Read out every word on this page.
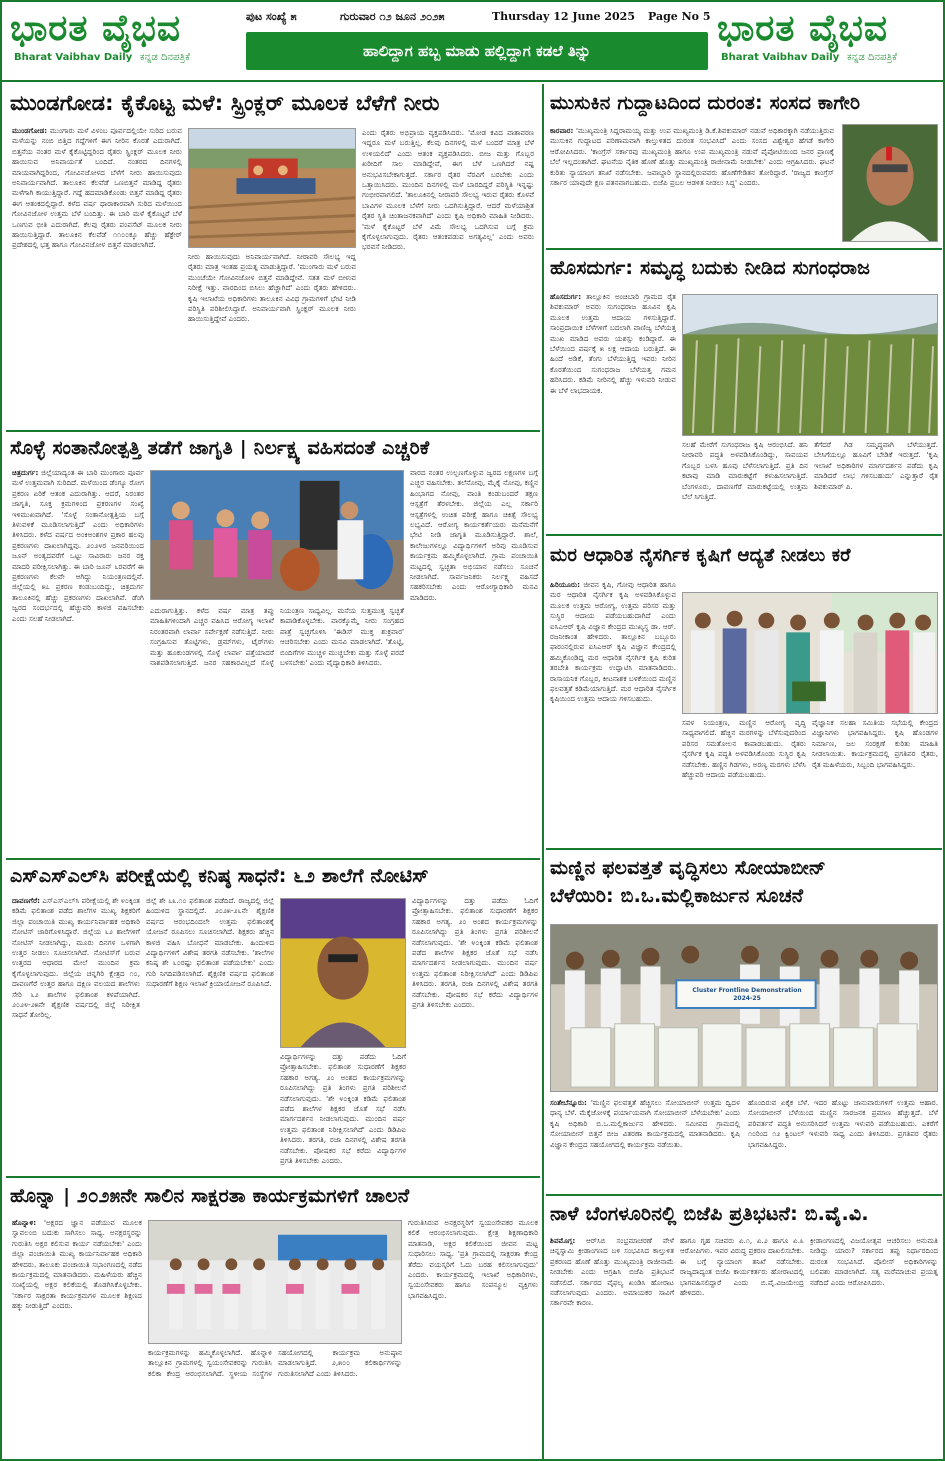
ಭಾರತ ವೈಭವ
Bharat Vaibhav Daily ಕನ್ನಡ ದಿನಪತ್ರಿಕೆ
ಪುಟ ಸಂಖ್ಯೆ ೫	ಗುರುವಾರ ೧೨ ಜೂನ ೨೦೨೫	Thursday 12 June 2025 Page No 5
ಹಾಲಿದ್ದಾಗ ಹಬ್ಬ ಮಾಡು ಹಲ್ಲಿದ್ದಾಗ ಕಡಲೆ ತಿನ್ನು
ಭಾರತ ವೈಭವ
Bharat Vaibhav Daily ಕನ್ನಡ ದಿನಪತ್ರಿಕೆ
ಮುಂಡಗೋಡ: ಕೈಕೊಟ್ಟ ಮಳೆ: ಸ್ಪ್ರಿಂಕ್ಲರ್ ಮೂಲಕ ಬೆಳೆಗೆ ನೀರು
ಮುಂಡಗೋಡ: ಮುಂಗಾರು ಮಳೆ ವಿಳಂಬ ಪೂರ್ವದಲ್ಲಿಯೇ ಸುರಿದ ಬರುವ ಮಳೆಯನ್ನು ನಂಬಿ ಬಿತ್ತಿದ ಗದ್ದೆಗಳಿಗೆ ಈಗ ನೀರಿನ ಕೊರತೆ ಎದುರಾಗಿದೆ. ಬಿತ್ತನೆಯ ನಂತರ ಮಳೆ ಕೈಕೊಟ್ಟಿದ್ದರಿಂದ ರೈತರು ಸ್ಪ್ರಿಂಕ್ಲರ್ ಮೂಲಕ ನೀರು ಹಾಯಿಸುವ ಅನಿವಾರ್ಯತೆ ಬಂದಿದೆ. ನಂತರದ ದಿನಗಳಲ್ಲಿ ಮಾಯವಾಗಿದ್ದರಿಂದ, ಗೋವಿನಜೋಳದ ಬೆಳೆಗೆ ನೀರು ಹಾಯಿಸುವುದು ಅನಿವಾರ್ಯವಾಗಿದೆ. ತಾಲೂಕಿನ ಕೆಲವೆಡೆ ಒಣಬಿತ್ತನೆ ಮಾಡಿದ್ದ ರೈತರು ಮಳೆಗಾಗಿ ಕಾಯುತ್ತಿದ್ದಾರೆ. ಗದ್ದೆ ಹದಮಾಡಿಕೊಂಡು ಬಿತ್ತನೆ ಮಾಡಿದ್ದ ರೈತರು ಈಗ ಆತಂಕದಲ್ಲಿದ್ದಾರೆ. ಕಳೆದ ವರ್ಷ ಧಾರಾಕಾರವಾಗಿ ಸುರಿದ ಮಳೆಯಿಂದ ಗೋವಿನಜೋಳ ಉತ್ತಮ ಬೆಳೆ ಬಂದಿತ್ತು. ಈ ಬಾರಿ ಮಳೆ ಕೈಕೊಟ್ಟರೆ ಬೆಳೆ ಒಣಗುವ ಭೀತಿ ಎದುರಾಗಿದೆ. ಕೆಲವು ರೈತರು ಪಂಪಸೆಟ್ ಮೂಲಕ ನೀರು ಹಾಯಿಸುತ್ತಿದ್ದಾರೆ. ತಾಲೂಕಿನ ಕೆಲವೆಡೆ ೧೧೦೦ಕ್ಕೂ ಹೆಚ್ಚು ಹೆಕ್ಟೇರ್ ಪ್ರದೇಶದಲ್ಲಿ ಭತ್ತ ಹಾಗೂ ಗೋವಿನಜೋಳ ಬಿತ್ತನೆ ಮಾಡಲಾಗಿದೆ.
ನೀರು ಹಾಯಿಸುವುದು ಅನಿವಾರ್ಯವಾಗಿದೆ. ನೀರಾವರಿ ಸೌಲಭ್ಯ ಇದ್ದ ರೈತರು ಮಾತ್ರ ಇಂತಹ ಪ್ರಯತ್ನ ಮಾಡುತ್ತಿದ್ದಾರೆ. 'ಮುಂಗಾರು ಮಳೆ ಬರುವ ಮುಂಚೆಯೇ ಗೋವಿನಜೋಳ ಬಿತ್ತನೆ ಮಾಡಿದ್ದೇವೆ. ಸತತ ಮಳೆ ಬೀಳುವ ನಿರೀಕ್ಷೆ ಇತ್ತು. ವಾರದಿಂದ ಬಿಸಿಲು ಹೆಚ್ಚಾಗಿದೆ' ಎಂದು ರೈತರು ಹೇಳಿದರು. ಕೃಷಿ ಇಲಾಖೆಯ ಅಧಿಕಾರಿಗಳು ತಾಲೂಕಿನ ವಿವಿಧ ಗ್ರಾಮಗಳಿಗೆ ಭೇಟಿ ನೀಡಿ ಪರಿಸ್ಥಿತಿ ಪರಿಶೀಲಿಸಿದ್ದಾರೆ. ಅನಿವಾರ್ಯವಾಗಿ ಸ್ಪ್ರಿಂಕ್ಲರ್ ಮೂಲಕ ನೀರು ಹಾಯಿಸುತ್ತಿದ್ದೇವೆ ಎಂದರು.
ಎಂದು ರೈತರು ಅಭಿಪ್ರಾಯ ವ್ಯಕ್ತಪಡಿಸಿದರು. 'ಮೋಡ ಕವಿದ ವಾತಾವರಣ ಇದ್ದರೂ ಮಳೆ ಬರುತ್ತಿಲ್ಲ. ಕೆಲವು ದಿನಗಳಲ್ಲಿ ಮಳೆ ಬಂದರೆ ಮಾತ್ರ ಬೆಳೆ ಉಳಿಯಲಿದೆ' ಎಂದು ಆತಂಕ ವ್ಯಕ್ತಪಡಿಸಿದರು. ಬೀಜ ಮತ್ತು ಗೊಬ್ಬರ ಖರೀದಿಗೆ ಸಾಲ ಮಾಡಿದ್ದೇವೆ, ಈಗ ಬೆಳೆ ಒಣಗಿದರೆ ನಷ್ಟ ಅನುಭವಿಸಬೇಕಾಗುತ್ತದೆ. ಸರ್ಕಾರ ರೈತರ ನೆರವಿಗೆ ಬರಬೇಕು ಎಂದು ಒತ್ತಾಯಿಸಿದರು. ಮುಂದಿನ ದಿನಗಳಲ್ಲಿ ಮಳೆ ಬಾರದಿದ್ದರೆ ಪರಿಸ್ಥಿತಿ ಇನ್ನಷ್ಟು ಗಂಭೀರವಾಗಲಿದೆ. 'ತಾಲೂಕಿನಲ್ಲಿ ನೀರಾವರಿ ಸೌಲಭ್ಯ ಇರುವ ರೈತರು ಕೊಳವೆ ಬಾವಿಗಳ ಮೂಲಕ ಬೆಳೆಗೆ ನೀರು ಒದಗಿಸುತ್ತಿದ್ದಾರೆ. ಆದರೆ ಮಳೆಯಾಶ್ರಿತ ರೈತರ ಸ್ಥಿತಿ ಚಿಂತಾಜನಕವಾಗಿದೆ' ಎಂದು ಕೃಷಿ ಅಧಿಕಾರಿ ಮಾಹಿತಿ ನೀಡಿದರು. 'ಮಳೆ ಕೈಕೊಟ್ಟರೆ ಬೆಳೆ ವಿಮೆ ಸೌಲಭ್ಯ ಒದಗಿಸುವ ಬಗ್ಗೆ ಕ್ರಮ ಕೈಗೊಳ್ಳಲಾಗುವುದು. ರೈತರು ಆತಂಕಪಡುವ ಅಗತ್ಯವಿಲ್ಲ' ಎಂದು ಅವರು ಭರವಸೆ ನೀಡಿದರು.
ಸೊಳ್ಳೆ ಸಂತಾನೋತ್ಪತ್ತಿ ತಡೆಗೆ ಜಾಗೃತಿ | ನಿರ್ಲಕ್ಷ್ಯ ವಹಿಸದಂತೆ ಎಚ್ಚರಿಕೆ
ಚಿತ್ರದುರ್ಗ: ಜಿಲ್ಲೆಯಾದ್ಯಂತ ಈ ಬಾರಿ ಮುಂಗಾರು ಪೂರ್ವ ಮಳೆ ಉತ್ತಮವಾಗಿ ಸುರಿದಿದೆ. ಮಳೆಯಿಂದ ಡೆಂಗ್ಯೂ ರೋಗ ಪ್ರಕರಣ ಏರಿಕೆ ಆತಂಕ ಎದುರಾಗಿತ್ತು. ಆದರೆ, ನಿರಂತರ ಜಾಗೃತಿ, ಸೂಕ್ತ ಕ್ರಮಗಳಿಂದ ಪ್ರಕರಣಗಳ ಸಂಖ್ಯೆ ಇಳಿಮುಖವಾಗಿದೆ. 'ಸೊಳ್ಳೆ ಸಂತಾನೋತ್ಪತ್ತಿಯ ಬಗ್ಗೆ ತಿಳುವಳಿಕೆ ಮೂಡಿಸಲಾಗುತ್ತಿದೆ' ಎಂದು ಅಧಿಕಾರಿಗಳು ತಿಳಿಸಿದರು. ಕಳೆದ ವರ್ಷದ ಅಂಕಿಅಂಶಗಳ ಪ್ರಕಾರ ಹಲವು ಪ್ರಕರಣಗಳು ದಾಖಲಾಗಿದ್ದವು. ೨೦೨೪ರ ಜನವರಿಯಿಂದ ಜೂನ್ ಅಂತ್ಯದವರೆಗೆ ಒಟ್ಟು ಸಾವಿರಾರು ಜನರ ರಕ್ತ ಮಾದರಿ ಪರೀಕ್ಷಿಸಲಾಗಿತ್ತು. ಈ ಬಾರಿ ಜೂನ್ ೬ರವರೆಗೆ ಈ ಪ್ರಕರಣಗಳು ಕೆಲವೇ ಆಗಿದ್ದು ನಿಯಂತ್ರಣದಲ್ಲಿವೆ. ಜಿಲ್ಲೆಯಲ್ಲಿ ೫೭ ಪ್ರಕರಣ ಕಂಡುಬಂದಿದ್ದು, ಚಿತ್ರದುರ್ಗ ತಾಲೂಕಿನಲ್ಲಿ ಹೆಚ್ಚು ಪ್ರಕರಣಗಳು ದಾಖಲಾಗಿವೆ. ಡೆಂಗಿ ಜ್ವರದ ಸಂದರ್ಭದಲ್ಲಿ ಹೆಚ್ಚುವರಿ ಕಾಳಜಿ ವಹಿಸಬೇಕು ಎಂದು ಸಲಹೆ ನೀಡಲಾಗಿದೆ.
ಎದುರಾಗುತ್ತಿತ್ತು. ಕಳೆದ ವರ್ಷ ಮಾತ್ರ ತಪ್ಪು ಮಾಹಿತಿಗಳಿಂದಾಗಿ ಎಚ್ಚರ ವಹಿಸಿದ ಆರೋಗ್ಯ ಇಲಾಖೆ ನಿರಂತರವಾಗಿ ಲಾರ್ವಾ ಸರ್ವೇಕ್ಷಣೆ ನಡೆಸುತ್ತಿದೆ. ನೀರು ಸಂಗ್ರಹಿಸುವ ತೊಟ್ಟಿಗಳು, ಡ್ರಮ್‌ಗಳು, ಟೈರ್‌ಗಳು ಮತ್ತು ಹೂಕುಂಡಗಳಲ್ಲಿ ಸೊಳ್ಳೆ ಲಾರ್ವಾ ಪತ್ತೆಯಾದರೆ ನಾಶಪಡಿಸಲಾಗುತ್ತಿದೆ. ಜನರ ಸಹಕಾರವಿಲ್ಲದೆ ಸೊಳ್ಳೆ ನಿಯಂತ್ರಣ ಸಾಧ್ಯವಿಲ್ಲ. ಮನೆಯ ಸುತ್ತಮುತ್ತ ಸ್ವಚ್ಛತೆ ಕಾಪಾಡಿಕೊಳ್ಳಬೇಕು. ವಾರಕ್ಕೊಮ್ಮೆ ನೀರು ಸಂಗ್ರಹದ ಪಾತ್ರೆ ಸ್ವಚ್ಛಗೊಳಿಸಿ 'ಈಡಿಸ್ ಮುಕ್ತ ಶುಕ್ರವಾರ' ಆಚರಿಸಬೇಕು ಎಂದು ಮನವಿ ಮಾಡಲಾಗಿದೆ. 'ತೊಟ್ಟಿ, ಬಿಂದಿಗೆಗಳ ಮುಚ್ಚಳ ಮುಚ್ಚಬೇಕು ಮತ್ತು ಸೊಳ್ಳೆ ಪರದೆ ಬಳಸಬೇಕು' ಎಂದು ವೈದ್ಯಾಧಿಕಾರಿ ತಿಳಿಸಿದರು.
ವಾರದ ನಂತರ ಉಲ್ಬಣಗೊಳ್ಳುವ ಜ್ವರದ ಲಕ್ಷಣಗಳ ಬಗ್ಗೆ ಎಚ್ಚರ ವಹಿಸಬೇಕು. ತಲೆನೋವು, ಮೈಕೈ ನೋವು, ಕಣ್ಣಿನ ಹಿಂಭಾಗದ ನೋವು, ವಾಂತಿ ಕಂಡುಬಂದರೆ ತಕ್ಷಣ ಆಸ್ಪತ್ರೆಗೆ ತೆರಳಬೇಕು. ಜಿಲ್ಲೆಯ ಎಲ್ಲ ಸರ್ಕಾರಿ ಆಸ್ಪತ್ರೆಗಳಲ್ಲಿ ಉಚಿತ ಪರೀಕ್ಷೆ ಹಾಗೂ ಚಿಕಿತ್ಸೆ ಸೌಲಭ್ಯ ಲಭ್ಯವಿದೆ. ಆರೋಗ್ಯ ಕಾರ್ಯಕರ್ತೆಯರು ಮನೆಮನೆಗೆ ಭೇಟಿ ನೀಡಿ ಜಾಗೃತಿ ಮೂಡಿಸುತ್ತಿದ್ದಾರೆ. ಶಾಲೆ, ಕಾಲೇಜುಗಳಲ್ಲೂ ವಿದ್ಯಾರ್ಥಿಗಳಿಗೆ ಅರಿವು ಮೂಡಿಸುವ ಕಾರ್ಯಕ್ರಮ ಹಮ್ಮಿಕೊಳ್ಳಲಾಗಿದೆ. ಗ್ರಾಮ ಪಂಚಾಯಿತಿ ಮಟ್ಟದಲ್ಲಿ ಸ್ವಚ್ಛತಾ ಅಭಿಯಾನ ನಡೆಸಲು ಸೂಚನೆ ನೀಡಲಾಗಿದೆ. ಸಾರ್ವಜನಿಕರು ನಿರ್ಲಕ್ಷ್ಯ ವಹಿಸದೆ ಸಹಕರಿಸಬೇಕು ಎಂದು ಆರೋಗ್ಯಾಧಿಕಾರಿ ಮನವಿ ಮಾಡಿದರು.
ಎಸ್‌ಎಸ್‌ಎಲ್‌ಸಿ ಪರೀಕ್ಷೆಯಲ್ಲಿ ಕನಿಷ್ಠ ಸಾಧನೆ: ೬೨ ಶಾಲೆಗೆ ನೋಟಿಸ್
ದಾವಣಗೆರೆ: ಎಸ್‌ಎಸ್‌ಎಲ್‌ಸಿ ಪರೀಕ್ಷೆಯಲ್ಲಿ ಶೇ ೪೦ಕ್ಕಿಂತ ಕಡಿಮೆ ಫಲಿತಾಂಶ ಪಡೆದ ಶಾಲೆಗಳ ಮುಖ್ಯ ಶಿಕ್ಷಕರಿಗೆ ಜಿಲ್ಲಾ ಪಂಚಾಯಿತಿ ಮುಖ್ಯ ಕಾರ್ಯನಿರ್ವಾಹಕ ಅಧಿಕಾರಿ ನೋಟಿಸ್ ಜಾರಿಗೊಳಿಸಿದ್ದಾರೆ. ಜಿಲ್ಲೆಯ ೬೨ ಶಾಲೆಗಳಿಗೆ ನೋಟಿಸ್ ನೀಡಲಾಗಿದ್ದು, ಮೂರು ದಿನಗಳ ಒಳಗಾಗಿ ಉತ್ತರ ನೀಡಲು ಸೂಚಿಸಲಾಗಿದೆ. ನೋಟಿಸ್‌ಗೆ ಬರುವ ಉತ್ತರದ ಆಧಾರದ ಮೇಲೆ ಮುಂದಿನ ಕ್ರಮ ಕೈಗೊಳ್ಳಲಾಗುವುದು. ಜಿಲ್ಲೆಯ ಚನ್ನಗಿರಿ ಕ್ಷೇತ್ರದ ೧೦, ದಾವಣಗೆರೆ ಉತ್ತರ ಹಾಗೂ ದಕ್ಷಿಣ ವಲಯದ ಶಾಲೆಗಳು ಸೇರಿ ೬೨ ಶಾಲೆಗಳ ಫಲಿತಾಂಶ ಕಳಪೆಯಾಗಿದೆ. ೨೦೨೪-೨೫ನೇ ಶೈಕ್ಷಣಿಕ ವರ್ಷದಲ್ಲಿ ಜಿಲ್ಲೆ ನಿರೀಕ್ಷಿತ ಸಾಧನೆ ತೋರಿಲ್ಲ.
ಜಿಲ್ಲೆ ಶೇ ೬೩.೧೦ ಫಲಿತಾಂಶ ಪಡೆದಿದೆ. ರಾಜ್ಯದಲ್ಲಿ ಜಿಲ್ಲೆ ಹಿಂದುಳಿದ ಸ್ಥಾನದಲ್ಲಿದೆ. ೨೦೨೫-೨೬ನೇ ಶೈಕ್ಷಣಿಕ ವರ್ಷದ ಆರಂಭದಿಂದಲೇ ಉತ್ತಮ ಫಲಿತಾಂಶಕ್ಕೆ ಯೋಜನೆ ರೂಪಿಸಲು ಸೂಚಿಸಲಾಗಿದೆ. ಶಿಕ್ಷಕರು ಹೆಚ್ಚಿನ ಕಾಳಜಿ ವಹಿಸಿ ಬೋಧನೆ ಮಾಡಬೇಕು. ಹಿಂದುಳಿದ ವಿದ್ಯಾರ್ಥಿಗಳಿಗೆ ವಿಶೇಷ ತರಗತಿ ನಡೆಸಬೇಕು. 'ಶಾಲೆಗಳ ಕನಿಷ್ಠ ಶೇ ೬೦ರಷ್ಟು ಫಲಿತಾಂಶ ಪಡೆಯಬೇಕು' ಎಂದು ಗುರಿ ನಿಗದಿಪಡಿಸಲಾಗಿದೆ. ಶೈಕ್ಷಣಿಕ ವರ್ಷದ ಫಲಿತಾಂಶ ಸುಧಾರಣೆಗೆ ಶಿಕ್ಷಣ ಇಲಾಖೆ ಕ್ರಿಯಾಯೋಜನೆ ರೂಪಿಸಿದೆ.
ವಿದ್ಯಾರ್ಥಿಗಳನ್ನು ದತ್ತು ಪಡೆದು ಓದಿಗೆ ಪ್ರೋತ್ಸಾಹಿಸಬೇಕು. ಫಲಿತಾಂಶ ಸುಧಾರಣೆಗೆ ಶಿಕ್ಷಕರ ಸಹಕಾರ ಅಗತ್ಯ. ೨೦ ಅಂಶದ ಕಾರ್ಯಕ್ರಮಗಳನ್ನು ರೂಪಿಸಲಾಗಿದ್ದು ಪ್ರತಿ ತಿಂಗಳು ಪ್ರಗತಿ ಪರಿಶೀಲನೆ ನಡೆಸಲಾಗುವುದು. 'ಶೇ ೪೦ಕ್ಕಿಂತ ಕಡಿಮೆ ಫಲಿತಾಂಶ ಪಡೆದ ಶಾಲೆಗಳ ಶಿಕ್ಷಕರ ಜೊತೆ ಸಭೆ ನಡೆಸಿ ಮಾರ್ಗದರ್ಶನ ನೀಡಲಾಗುವುದು. ಮುಂದಿನ ವರ್ಷ ಉತ್ತಮ ಫಲಿತಾಂಶ ನಿರೀಕ್ಷಿಸಲಾಗಿದೆ' ಎಂದು ಡಿಡಿಪಿಐ ತಿಳಿಸಿದರು. ತರಗತಿ, ರಜಾ ದಿನಗಳಲ್ಲಿ ವಿಶೇಷ ತರಗತಿ ನಡೆಸಬೇಕು. ಪೋಷಕರ ಸಭೆ ಕರೆದು ವಿದ್ಯಾರ್ಥಿಗಳ ಪ್ರಗತಿ ತಿಳಿಸಬೇಕು ಎಂದರು.
ವಿದ್ಯಾರ್ಥಿಗಳನ್ನು ದತ್ತು ಪಡೆದು ಓದಿಗೆ ಪ್ರೋತ್ಸಾಹಿಸಬೇಕು. ಫಲಿತಾಂಶ ಸುಧಾರಣೆಗೆ ಶಿಕ್ಷಕರ ಸಹಕಾರ ಅಗತ್ಯ. ೨೦ ಅಂಶದ ಕಾರ್ಯಕ್ರಮಗಳನ್ನು ರೂಪಿಸಲಾಗಿದ್ದು ಪ್ರತಿ ತಿಂಗಳು ಪ್ರಗತಿ ಪರಿಶೀಲನೆ ನಡೆಸಲಾಗುವುದು. 'ಶೇ ೪೦ಕ್ಕಿಂತ ಕಡಿಮೆ ಫಲಿತಾಂಶ ಪಡೆದ ಶಾಲೆಗಳ ಶಿಕ್ಷಕರ ಜೊತೆ ಸಭೆ ನಡೆಸಿ ಮಾರ್ಗದರ್ಶನ ನೀಡಲಾಗುವುದು. ಮುಂದಿನ ವರ್ಷ ಉತ್ತಮ ಫಲಿತಾಂಶ ನಿರೀಕ್ಷಿಸಲಾಗಿದೆ' ಎಂದು ಡಿಡಿಪಿಐ ತಿಳಿಸಿದರು. ತರಗತಿ, ರಜಾ ದಿನಗಳಲ್ಲಿ ವಿಶೇಷ ತರಗತಿ ನಡೆಸಬೇಕು. ಪೋಷಕರ ಸಭೆ ಕರೆದು ವಿದ್ಯಾರ್ಥಿಗಳ ಪ್ರಗತಿ ತಿಳಿಸಬೇಕು ಎಂದರು.
ಹೊನ್ನಾ | ೨೦೨೫ನೇ ಸಾಲಿನ ಸಾಕ್ಷರತಾ ಕಾರ್ಯಕ್ರಮಗಳಿಗೆ ಚಾಲನೆ
ಹೊನ್ನಾಳಿ: 'ಅಕ್ಷರದ ಜ್ಞಾನ ಪಡೆಯುವ ಮೂಲಕ ಸ್ವಾವಲಂಬಿ ಬದುಕು ಸಾಗಿಸಲು ಸಾಧ್ಯ. ಅನಕ್ಷರಸ್ಥರನ್ನು ಗುರುತಿಸಿ ಅಕ್ಷರ ಕಲಿಸುವ ಕಾರ್ಯ ನಡೆಯಬೇಕು' ಎಂದು ಜಿಲ್ಲಾ ಪಂಚಾಯಿತಿ ಮುಖ್ಯ ಕಾರ್ಯನಿರ್ವಾಹಕ ಅಧಿಕಾರಿ ಹೇಳಿದರು. ತಾಲೂಕು ಪಂಚಾಯಿತಿ ಸಭಾಂಗಣದಲ್ಲಿ ನಡೆದ ಕಾರ್ಯಕ್ರಮದಲ್ಲಿ ಮಾತನಾಡಿದರು. ಮಹಿಳೆಯರು ಹೆಚ್ಚಿನ ಸಂಖ್ಯೆಯಲ್ಲಿ ಅಕ್ಷರ ಕಲಿಕೆಯಲ್ಲಿ ತೊಡಗಿಸಿಕೊಳ್ಳಬೇಕು. 'ಸರ್ಕಾರ ಸಾಕ್ಷರತಾ ಕಾರ್ಯಕ್ರಮಗಳ ಮೂಲಕ ಶಿಕ್ಷಣದ ಹಕ್ಕು ನೀಡುತ್ತಿದೆ' ಎಂದರು.
ಕಾರ್ಯಕ್ರಮಗಳನ್ನು ಹಮ್ಮಿಕೊಳ್ಳಲಾಗಿದೆ. ಹೊನ್ನಾಳಿ ತಾಲ್ಲೂಕಿನ ಗ್ರಾಮಗಳಲ್ಲಿ ಸ್ವಯಂಸೇವಕರನ್ನು ಗುರುತಿಸಿ ಕಲಿಕಾ ಕೇಂದ್ರ ಆರಂಭಿಸಲಾಗಿದೆ. ಸ್ಥಳೀಯ ಸಂಸ್ಥೆಗಳ ಸಹಯೋಗದಲ್ಲಿ ಕಾರ್ಯಕ್ರಮ ಅನುಷ್ಠಾನ ಮಾಡಲಾಗುತ್ತಿದೆ. ೨,೫೦೦ ಕಲಿಕಾರ್ಥಿಗಳನ್ನು ಗುರುತಿಸಲಾಗಿದೆ ಎಂದು ತಿಳಿಸಿದರು.
ಗುರುತಿಸಿರುವ ಅನಕ್ಷರಸ್ಥರಿಗೆ ಸ್ವಯಂಸೇವಕರ ಮೂಲಕ ಕಲಿಕೆ ಆರಂಭಿಸಲಾಗುವುದು. ಕ್ಷೇತ್ರ ಶಿಕ್ಷಣಾಧಿಕಾರಿ ಮಾತನಾಡಿ, ಅಕ್ಷರ ಕಲಿಕೆಯಿಂದ ಜೀವನ ಮಟ್ಟ ಸುಧಾರಿಸಲು ಸಾಧ್ಯ. 'ಪ್ರತಿ ಗ್ರಾಮದಲ್ಲಿ ಸಾಕ್ಷರತಾ ಕೇಂದ್ರ ತೆರೆದು ವಯಸ್ಕರಿಗೆ ಓದು ಬರಹ ಕಲಿಸಲಾಗುವುದು' ಎಂದರು. ಕಾರ್ಯಕ್ರಮದಲ್ಲಿ ಇಲಾಖೆ ಅಧಿಕಾರಿಗಳು, ಸ್ವಯಂಸೇವಕರು ಹಾಗೂ ಸಂಪನ್ಮೂಲ ವ್ಯಕ್ತಿಗಳು ಭಾಗವಹಿಸಿದ್ದರು.
ಮುಸುಕಿನ ಗುದ್ದಾಟದಿಂದ ದುರಂತ: ಸಂಸದ ಕಾಗೇರಿ
ಕಾರವಾರ: 'ಮುಖ್ಯಮಂತ್ರಿ ಸಿದ್ದರಾಮಯ್ಯ ಮತ್ತು ಉಪ ಮುಖ್ಯಮಂತ್ರಿ ಡಿ.ಕೆ.ಶಿವಕುಮಾರ್ ನಡುವೆ ಅಧಿಕಾರಕ್ಕಾಗಿ ನಡೆಯುತ್ತಿರುವ ಮುಸುಕಿನ ಗುದ್ದಾಟದ ಪರಿಣಾಮವಾಗಿ ಕಾಲ್ತುಳಿತದ ದುರಂತ ಸಂಭವಿಸಿದೆ' ಎಂದು ಸಂಸದ ವಿಶ್ವೇಶ್ವರ ಹೆಗಡೆ ಕಾಗೇರಿ ಆರೋಪಿಸಿದರು. 'ಕಾಂಗ್ರೆಸ್ ಸರ್ಕಾರವು ಮುಖ್ಯಮಂತ್ರಿ ಹಾಗೂ ಉಪ ಮುಖ್ಯಮಂತ್ರಿ ನಡುವೆ ಪೈಪೋಟಿಯಿಂದ ಜನರ ಪ್ರಾಣಕ್ಕೆ ಬೆಲೆ ಇಲ್ಲದಂತಾಗಿದೆ. ಘಟನೆಯ ನೈತಿಕ ಹೊಣೆ ಹೊತ್ತು ಮುಖ್ಯಮಂತ್ರಿ ರಾಜೀನಾಮೆ ನೀಡಬೇಕು' ಎಂದು ಆಗ್ರಹಿಸಿದರು. ಘಟನೆ ಕುರಿತು ನ್ಯಾಯಾಂಗ ತನಿಖೆ ನಡೆಸಬೇಕು. ಜವಾಬ್ದಾರಿ ಸ್ಥಾನದಲ್ಲಿರುವವರು ಹೊಣೆಗೇಡಿತನ ತೋರಿದ್ದಾರೆ. 'ರಾಜ್ಯದ ಕಾಂಗ್ರೆಸ್ ಸರ್ಕಾರ ಯಾವುದೇ ಕ್ಷಣ ಪತನವಾಗಬಹುದು. ಬಿಜೆಪಿ ಪ್ರಬಲ ಆಡಳಿತ ನೀಡಲು ಸಿದ್ಧ' ಎಂದರು.
ಹೊಸದುರ್ಗ: ಸಮೃದ್ಧ ಬದುಕು ನೀಡಿದ ಸುಗಂಧರಾಜ
ಹೊಸದುರ್ಗ: ತಾಲ್ಲೂಕಿನ ಅಂಚಿಬಾರಿ ಗ್ರಾಮದ ರೈತ ಶಿವಕುಮಾರ್ ಅವರು ಸುಗಂಧರಾಜ ಹೂವಿನ ಕೃಷಿ ಮೂಲಕ ಉತ್ತಮ ಆದಾಯ ಗಳಿಸುತ್ತಿದ್ದಾರೆ. ಸಾಂಪ್ರದಾಯಿಕ ಬೆಳೆಗಳಿಗೆ ಬದಲಾಗಿ ವಾಣಿಜ್ಯ ಬೆಳೆಯತ್ತ ಮುಖ ಮಾಡಿದ ಅವರು ಯಶಸ್ಸು ಕಂಡಿದ್ದಾರೆ. ಈ ಬೆಳೆಯಿಂದ ವರ್ಷಕ್ಕೆ ೫ ಲಕ್ಷ ಆದಾಯ ಬರುತ್ತಿದೆ. ಈ ಹಿಂದೆ ಅಡಿಕೆ, ತೆಂಗು ಬೆಳೆಯುತ್ತಿದ್ದ ಇವರು ನೀರಿನ ಕೊರತೆಯಿಂದ ಸುಗಂಧರಾಜ ಬೆಳೆಯತ್ತ ಗಮನ ಹರಿಸಿದರು. ಕಡಿಮೆ ನೀರಿನಲ್ಲಿ ಹೆಚ್ಚು ಇಳುವರಿ ನೀಡುವ ಈ ಬೆಳೆ ಲಾಭದಾಯಕ.
ಸಲಹೆ ಮೇರೆಗೆ ಸುಗಂಧರಾಜ ಕೃಷಿ ಆರಂಭಿಸಿದೆ. ಹನಿ ನೀರಾವರಿ ಪದ್ಧತಿ ಅಳವಡಿಸಿಕೊಂಡಿದ್ದು, ಸಾವಯವ ಗೊಬ್ಬರ ಬಳಸಿ ಹೂವು ಬೆಳೆಸಲಾಗುತ್ತಿದೆ. ಪ್ರತಿ ದಿನ ಕಟಾವು ಮಾಡಿ ಮಾರುಕಟ್ಟೆಗೆ ಕಳುಹಿಸಲಾಗುತ್ತಿದೆ. ಬೆಂಗಳೂರು, ದಾವಣಗೆರೆ ಮಾರುಕಟ್ಟೆಯಲ್ಲಿ ಉತ್ತಮ ಬೆಲೆ ಸಿಗುತ್ತಿದೆ.
ತೆಗೆದರೆ ಗಿಡ ಸಮೃದ್ಧವಾಗಿ ಬೆಳೆಯುತ್ತದೆ. ಬೇಸಿಗೆಯಲ್ಲೂ ಹೂವಿಗೆ ಬೇಡಿಕೆ ಇರುತ್ತದೆ. 'ಕೃಷಿ ಇಲಾಖೆ ಅಧಿಕಾರಿಗಳ ಮಾರ್ಗದರ್ಶನ ಪಡೆದು ಕೃಷಿ ಮಾಡಿದರೆ ಲಾಭ ಗಳಿಸಬಹುದು' ಎನ್ನುತ್ತಾರೆ ರೈತ ಶಿವಕುಮಾರ್ ಪಿ.
ಮರ ಆಧಾರಿತ ನೈಸರ್ಗಿಕ ಕೃಷಿಗೆ ಆದ್ಯತೆ ನೀಡಲು ಕರೆ
ಹಿರಿಯೂರು: ಜೀವನ ಕೃಷಿ, ಗೋವು ಆಧಾರಿತ ಹಾಗೂ ಮರ ಆಧಾರಿತ ನೈಸರ್ಗಿಕ ಕೃಷಿ ಅಳವಡಿಸಿಕೊಳ್ಳುವ ಮೂಲಕ ಉತ್ತಮ ಆರೋಗ್ಯ, ಉತ್ತಮ ಪರಿಸರ ಮತ್ತು ಸುಸ್ಥಿರ ಆದಾಯ ಪಡೆಯಬಹುದಾಗಿದೆ ಎಂದು ಐಸಿಎಆರ್ ಕೃಷಿ ವಿಜ್ಞಾನ ಕೇಂದ್ರದ ಮುಖ್ಯಸ್ಥ ಡಾ. ಆರ್. ರಜನೀಕಾಂತ ಹೇಳಿದರು. ತಾಲ್ಲೂಕಿನ ಬಬ್ಬೂರು ಫಾರಂನಲ್ಲಿರುವ ಐಸಿಎಆರ್ ಕೃಷಿ ವಿಜ್ಞಾನ ಕೇಂದ್ರದಲ್ಲಿ ಹಮ್ಮಿಕೊಂಡಿದ್ದ ಮರ ಆಧಾರಿತ ನೈಸರ್ಗಿಕ ಕೃಷಿ ಕುರಿತ ತರಬೇತಿ ಕಾರ್ಯಕ್ರಮ ಉದ್ಘಾಟಿಸಿ ಮಾತನಾಡಿದರು. ರಾಸಾಯನಿಕ ಗೊಬ್ಬರ, ಕೀಟನಾಶಕ ಬಳಕೆಯಿಂದ ಮಣ್ಣಿನ ಫಲವತ್ತತೆ ಕಡಿಮೆಯಾಗುತ್ತಿದೆ. ಮರ ಆಧಾರಿತ ನೈಸರ್ಗಿಕ ಕೃಷಿಯಿಂದ ಉತ್ತಮ ಆದಾಯ ಗಳಿಸಬಹುದು.
ಸವಳ ನಿಯಂತ್ರಣ, ಮಣ್ಣಿನ ಆರೋಗ್ಯ ವೃದ್ಧಿ ಸಾಧ್ಯವಾಗಲಿದೆ. ಹೆಚ್ಚಿನ ಮರಗಳನ್ನು ಬೆಳೆಸುವುದರಿಂದ ಪರಿಸರ ಸಮತೋಲನ ಕಾಪಾಡಬಹುದು. ರೈತರು ನೈಸರ್ಗಿಕ ಕೃಷಿ ಪದ್ಧತಿ ಅಳವಡಿಸಿಕೊಂಡು ಸುಸ್ಥಿರ ಕೃಷಿ ನಡೆಸಬೇಕು. ಹಣ್ಣಿನ ಗಿಡಗಳು, ಅರಣ್ಯ ಮರಗಳು ಬೆಳೆಸಿ ಹೆಚ್ಚುವರಿ ಆದಾಯ ಪಡೆಯಬಹುದು.
ವೈಜ್ಞಾನಿಕ ಸಲಹಾ ಸಮಿತಿಯ ಸಭೆಯಲ್ಲಿ ಕೇಂದ್ರದ ವಿಜ್ಞಾನಿಗಳು ಭಾಗವಹಿಸಿದ್ದರು. ಕೃಷಿ ಹೊಂಡಗಳ ನಿರ್ಮಾಣ, ಜಲ ಸಂರಕ್ಷಣೆ ಕುರಿತು ಮಾಹಿತಿ ನೀಡಲಾಯಿತು. ಕಾರ್ಯಕ್ರಮದಲ್ಲಿ ಪ್ರಗತಿಪರ ರೈತರು, ರೈತ ಮಹಿಳೆಯರು, ಸಿಬ್ಬಂದಿ ಭಾಗವಹಿಸಿದ್ದರು.
ಮಣ್ಣಿನ ಫಲವತ್ತತೆ ವೃದ್ಧಿಸಲು ಸೋಯಾಬೀನ್
ಬೆಳೆಯಿರಿ: ಬಿ.ಒ.ಮಲ್ಲಿಕಾರ್ಜುನ ಸೂಚನೆ
Cluster Frontline Demonstration 2024-25
ಸಂತೇಬೆನ್ನೂರು: 'ಮಣ್ಣಿನ ಫಲವತ್ತತೆ ಹೆಚ್ಚಿಸಲು ಸೋಯಾಬೀನ್ ಉತ್ತಮ ದ್ವಿದಳ ಧಾನ್ಯ ಬೆಳೆ. ಮೆಕ್ಕೆಜೋಳಕ್ಕೆ ಪರ್ಯಾಯವಾಗಿ ಸೋಯಾಬೀನ್ ಬೆಳೆಯಬೇಕು' ಎಂದು ಕೃಷಿ ಅಧಿಕಾರಿ ಬಿ.ಒ.ಮಲ್ಲಿಕಾರ್ಜುನ ಹೇಳಿದರು. ಸಮೀಪದ ಗ್ರಾಮದಲ್ಲಿ ಸೋಯಾಬೀನ್ ಬಿತ್ತನೆ ಬೀಜ ವಿತರಣಾ ಕಾರ್ಯಕ್ರಮದಲ್ಲಿ ಮಾತನಾಡಿದರು. ಕೃಷಿ ವಿಜ್ಞಾನ ಕೇಂದ್ರದ ಸಹಯೋಗದಲ್ಲಿ ಕಾರ್ಯಕ್ರಮ ನಡೆಯಿತು.
ಹೊಂದಿರುವ ಏಕೈಕ ಬೆಳೆ. ಇದರ ಹೊಟ್ಟು ಜಾನುವಾರುಗಳಿಗೆ ಉತ್ತಮ ಆಹಾರ. ಸೋಯಾಬೀನ್ ಬೆಳೆಯಿಂದ ಮಣ್ಣಿನ ಸಾರಜನಕ ಪ್ರಮಾಣ ಹೆಚ್ಚುತ್ತದೆ. ಬೆಳೆ ಪರಿವರ್ತನೆ ಪದ್ಧತಿ ಅನುಸರಿಸಿದರೆ ಉತ್ತಮ ಇಳುವರಿ ಪಡೆಯಬಹುದು. ಎಕರೆಗೆ ೧೦ರಿಂದ ೧೨ ಕ್ವಿಂಟಲ್ ಇಳುವರಿ ಸಾಧ್ಯ ಎಂದು ತಿಳಿಸಿದರು. ಪ್ರಗತಿಪರ ರೈತರು ಭಾಗವಹಿಸಿದ್ದರು.
ನಾಳೆ ಬೆಂಗಳೂರಿನಲ್ಲಿ ಬಿಜೆಪಿ ಪ್ರತಿಭಟನೆ: ಬಿ.ವೈ.ವಿ.
ಶಿವಮೊಗ್ಗ: ಆರ್‌ಸಿಬಿ ಸಂಭ್ರಮಾಚರಣೆ ವೇಳೆ ಚಿನ್ನಸ್ವಾಮಿ ಕ್ರೀಡಾಂಗಣದ ಬಳಿ ಸಂಭವಿಸಿದ ಕಾಲ್ತುಳಿತ ಪ್ರಕರಣದ ಹೊಣೆ ಹೊತ್ತು ಮುಖ್ಯಮಂತ್ರಿ ರಾಜೀನಾಮೆ ನೀಡಬೇಕು ಎಂದು ಆಗ್ರಹಿಸಿ ಬಿಜೆಪಿ ಪ್ರತಿಭಟನೆ ನಡೆಸಲಿದೆ. ಸರ್ಕಾರದ ವೈಫಲ್ಯ ಖಂಡಿಸಿ ಹೋರಾಟ ನಡೆಸಲಾಗುವುದು ಎಂದರು. ಅಮಾಯಕರ ಸಾವಿಗೆ ಸರ್ಕಾರವೇ ಕಾರಣ.
ಹಾಗೂ ಗೃಹ ಸಚಿವರು ಏ.೧, ಏ.೨ ಹಾಗೂ ಏ.೩ ಆರೋಪಿಗಳು. ಇವರ ವಿರುದ್ಧ ಪ್ರಕರಣ ದಾಖಲಿಸಬೇಕು. ಈ ಬಗ್ಗೆ ನ್ಯಾಯಾಂಗ ತನಿಖೆ ನಡೆಸಬೇಕು. ರಾಜ್ಯದಾದ್ಯಂತ ಬಿಜೆಪಿ ಕಾರ್ಯಕರ್ತರು ಹೋರಾಟದಲ್ಲಿ ಭಾಗವಹಿಸಲಿದ್ದಾರೆ ಎಂದು ಬಿ.ವೈ.ವಿಜಯೇಂದ್ರ ಹೇಳಿದರು.
ಕ್ರೀಡಾಂಗಣದಲ್ಲಿ ವಿಜಯೋತ್ಸವ ಆಚರಿಸಲು ಅನುಮತಿ ನೀಡಿದ್ದು ಯಾರು? ಸರ್ಕಾರದ ತಪ್ಪು ನಿರ್ಧಾರದಿಂದ ದುರಂತ ಸಂಭವಿಸಿದೆ. ಪೊಲೀಸ್ ಅಧಿಕಾರಿಗಳನ್ನು ಬಲಿಪಶು ಮಾಡಲಾಗಿದೆ. ಸತ್ಯ ಮರೆಮಾಚುವ ಪ್ರಯತ್ನ ನಡೆದಿದೆ ಎಂದು ಆರೋಪಿಸಿದರು.
